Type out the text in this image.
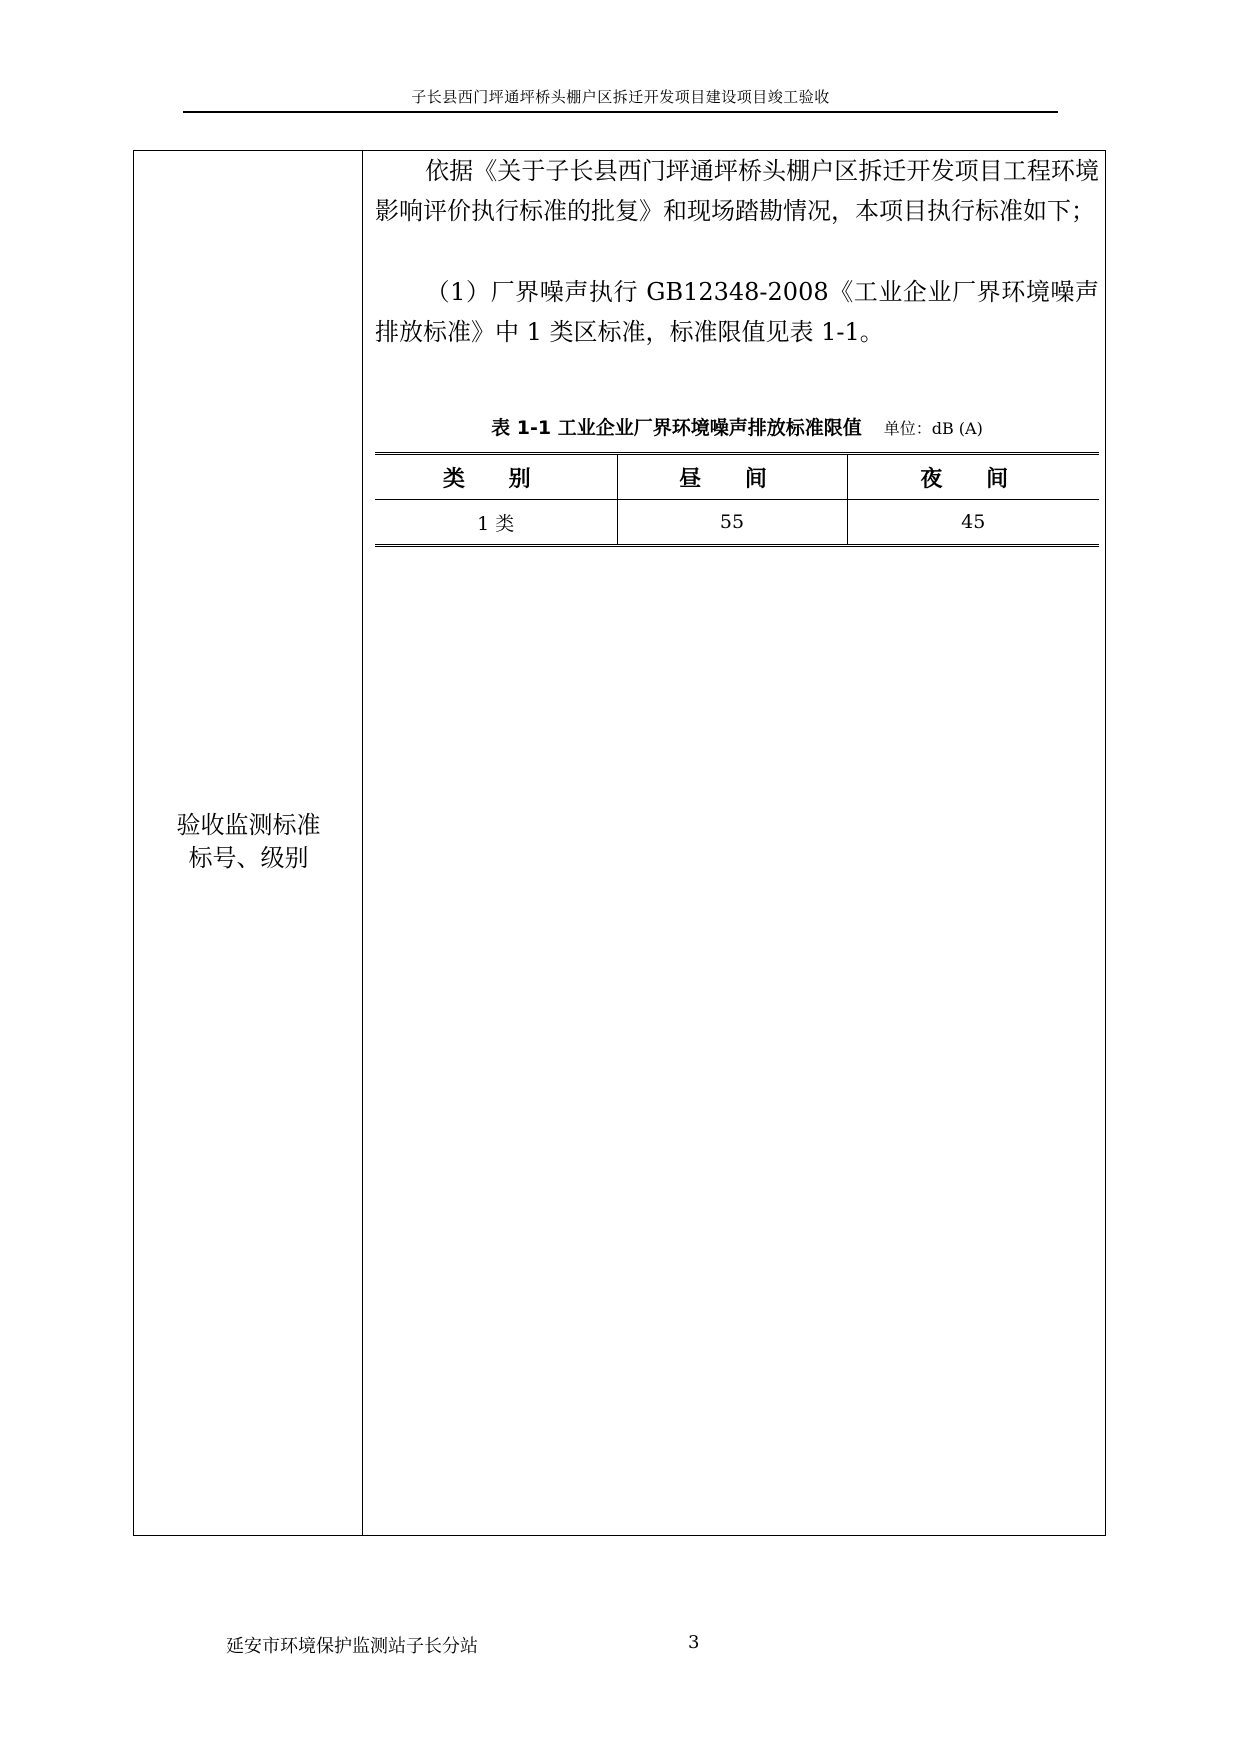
子长县西门坪通坪桥头棚户区拆迁开发项目建设项目竣工验收
验收监测标准
标号、级别
依据《关于子长县西门坪通坪桥头棚户区拆迁开发项目工程环境影响评价执行标准的批复》和现场踏勘情况，本项目执行标准如下；
（1）厂界噪声执行 GB12348-2008《工业企业厂界环境噪声排放标准》中 1 类区标准，标准限值见表 1-1。
表 1-1 工业企业厂界环境噪声排放标准限值 单位：dB (A)
类 别	昼 间	夜 间
1 类	55	45
延安市环境保护监测站子长分站	3
